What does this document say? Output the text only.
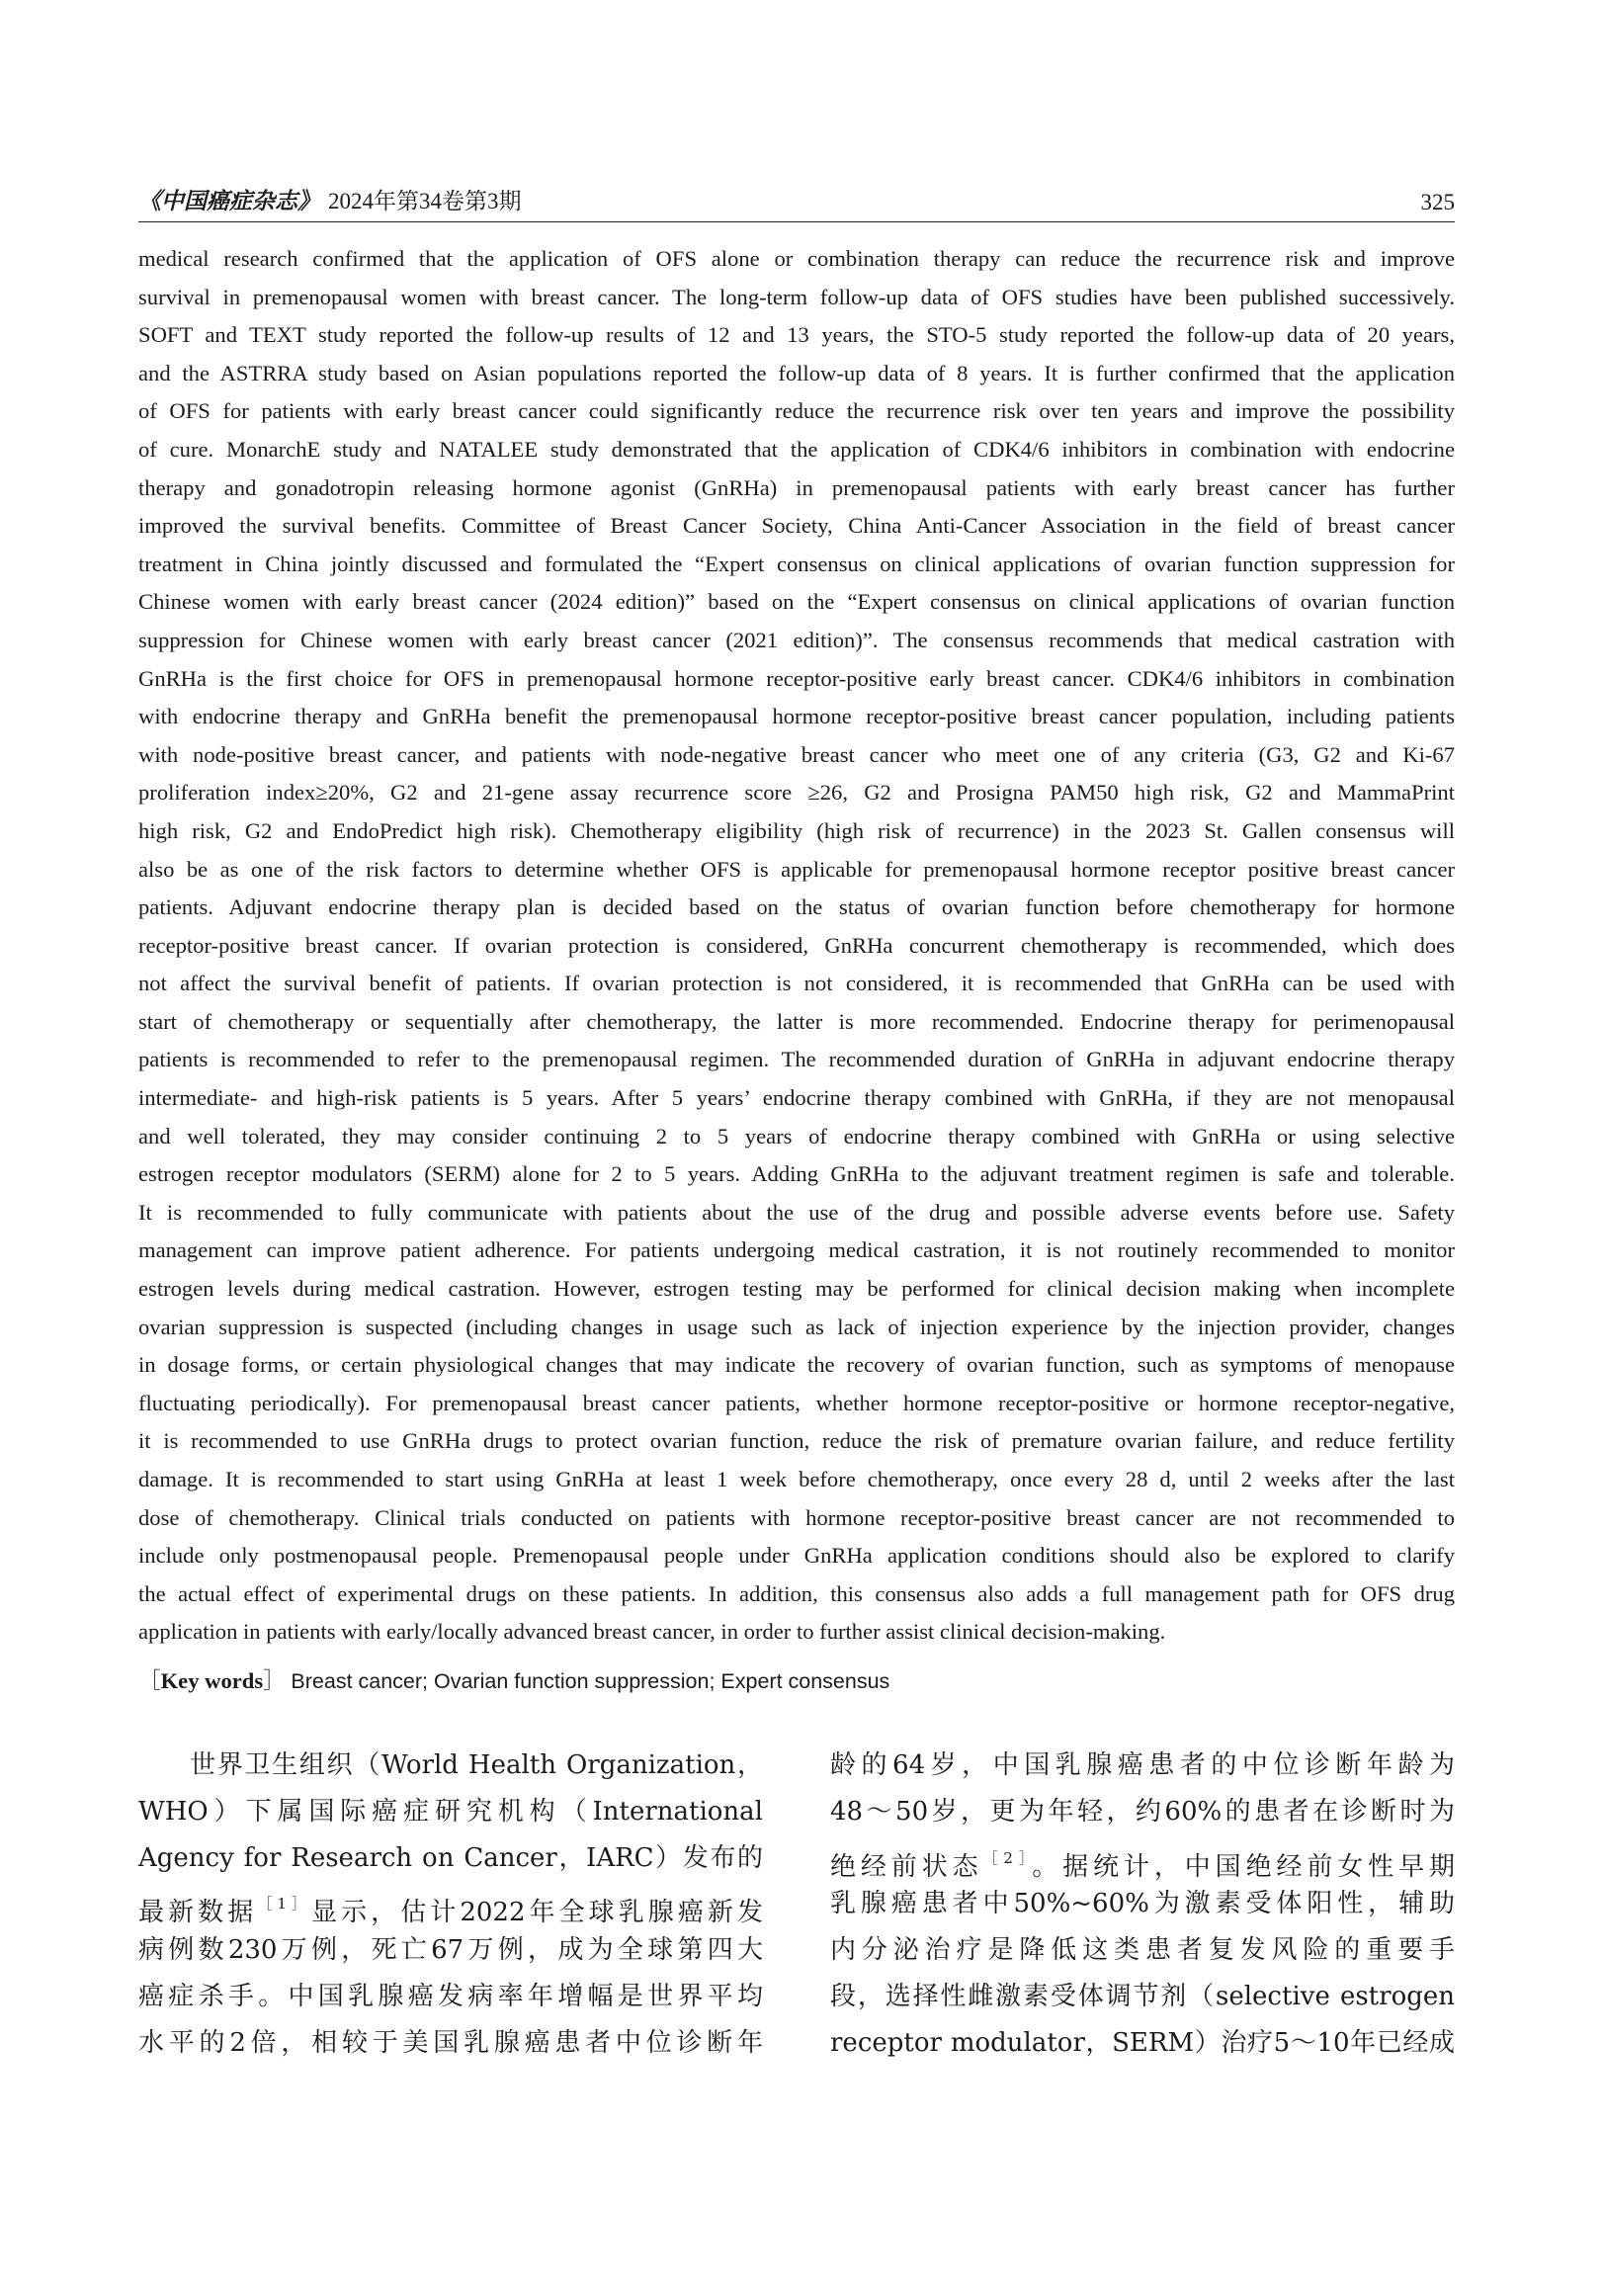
《中国癌症杂志》 2024年第34卷第3期	325
medical research confirmed that the application of OFS alone or combination therapy can reduce the recurrence risk and improve
survival in premenopausal women with breast cancer. The long-term follow-up data of OFS studies have been published successively.
SOFT and TEXT study reported the follow-up results of 12 and 13 years, the STO-5 study reported the follow-up data of 20 years,
and the ASTRRA study based on Asian populations reported the follow-up data of 8 years. It is further confirmed that the application
of OFS for patients with early breast cancer could significantly reduce the recurrence risk over ten years and improve the possibility
of cure. MonarchE study and NATALEE study demonstrated that the application of CDK4/6 inhibitors in combination with endocrine
therapy and gonadotropin releasing hormone agonist (GnRHa) in premenopausal patients with early breast cancer has further
improved the survival benefits. Committee of Breast Cancer Society, China Anti-Cancer Association in the field of breast cancer
treatment in China jointly discussed and formulated the “Expert consensus on clinical applications of ovarian function suppression for
Chinese women with early breast cancer (2024 edition)” based on the “Expert consensus on clinical applications of ovarian function
suppression for Chinese women with early breast cancer (2021 edition)”. The consensus recommends that medical castration with
GnRHa is the first choice for OFS in premenopausal hormone receptor-positive early breast cancer. CDK4/6 inhibitors in combination
with endocrine therapy and GnRHa benefit the premenopausal hormone receptor-positive breast cancer population, including patients
with node-positive breast cancer, and patients with node-negative breast cancer who meet one of any criteria (G3, G2 and Ki-67
proliferation index≥20%, G2 and 21-gene assay recurrence score ≥26, G2 and Prosigna PAM50 high risk, G2 and MammaPrint
high risk, G2 and EndoPredict high risk). Chemotherapy eligibility (high risk of recurrence) in the 2023 St. Gallen consensus will
also be as one of the risk factors to determine whether OFS is applicable for premenopausal hormone receptor positive breast cancer
patients. Adjuvant endocrine therapy plan is decided based on the status of ovarian function before chemotherapy for hormone
receptor-positive breast cancer. If ovarian protection is considered, GnRHa concurrent chemotherapy is recommended, which does
not affect the survival benefit of patients. If ovarian protection is not considered, it is recommended that GnRHa can be used with
start of chemotherapy or sequentially after chemotherapy, the latter is more recommended. Endocrine therapy for perimenopausal
patients is recommended to refer to the premenopausal regimen. The recommended duration of GnRHa in adjuvant endocrine therapy
intermediate- and high-risk patients is 5 years. After 5 years’ endocrine therapy combined with GnRHa, if they are not menopausal
and well tolerated, they may consider continuing 2 to 5 years of endocrine therapy combined with GnRHa or using selective
estrogen receptor modulators (SERM) alone for 2 to 5 years. Adding GnRHa to the adjuvant treatment regimen is safe and tolerable.
It is recommended to fully communicate with patients about the use of the drug and possible adverse events before use. Safety
management can improve patient adherence. For patients undergoing medical castration, it is not routinely recommended to monitor
estrogen levels during medical castration. However, estrogen testing may be performed for clinical decision making when incomplete
ovarian suppression is suspected (including changes in usage such as lack of injection experience by the injection provider, changes
in dosage forms, or certain physiological changes that may indicate the recovery of ovarian function, such as symptoms of menopause
fluctuating periodically). For premenopausal breast cancer patients, whether hormone receptor-positive or hormone receptor-negative,
it is recommended to use GnRHa drugs to protect ovarian function, reduce the risk of premature ovarian failure, and reduce fertility
damage. It is recommended to start using GnRHa at least 1 week before chemotherapy, once every 28 d, until 2 weeks after the last
dose of chemotherapy. Clinical trials conducted on patients with hormone receptor-positive breast cancer are not recommended to
include only postmenopausal people. Premenopausal people under GnRHa application conditions should also be explored to clarify
the actual effect of experimental drugs on these patients. In addition, this consensus also adds a full management path for OFS drug
application in patients with early/locally advanced breast cancer, in order to further assist clinical decision-making.
［Key words］ Breast cancer; Ovarian function suppression; Expert consensus
世界卫生组织（World Health Organization，
WHO）下属国际癌症研究机构（International
Agency for Research on Cancer，IARC）发布的
最新数据$^{[1]}$显示，估计2022年全球乳腺癌新发
病例数230万例，死亡67万例，成为全球第四大
癌症杀手。中国乳腺癌发病率年增幅是世界平均
水平的2倍，相较于美国乳腺癌患者中位诊断年
龄的64岁，中国乳腺癌患者的中位诊断年龄为
48～50岁，更为年轻，约60%的患者在诊断时为
绝经前状态$^{[2]}$。据统计，中国绝经前女性早期
乳腺癌患者中50%~60%为激素受体阳性，辅助
内分泌治疗是降低这类患者复发风险的重要手
段，选择性雌激素受体调节剂（selective estrogen
receptor modulator，SERM）治疗5～10年已经成
